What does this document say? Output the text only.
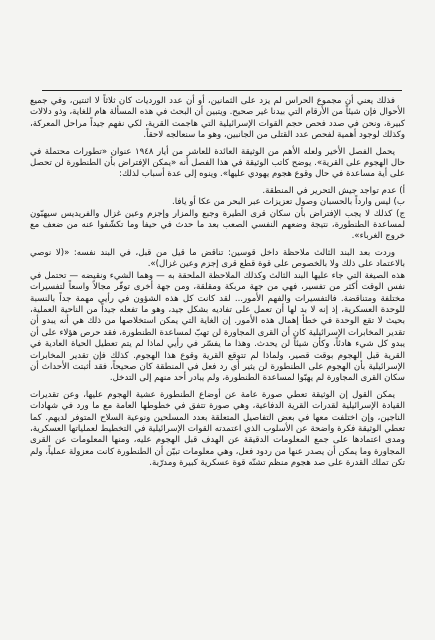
فذلك يعني أن مجموع الحراس لم يزد على الثمانين، أو أن عدد الورديات كان ثلاثاً لا اثنتين، وفي جميع الأحوال فإن شيئاً من الأرقام التي بيدنا غير صحيح. ويتبين أن البحث في هذه المسألة هام للغاية، وذو دلالات كبيرة، ونحن في صدد فحص حجم القوات الإسرائيلية التي هاجمت القرية، لكي نفهم جيداً مراحل المعركة، وكذلك لوجود أهمية لفحص عدد القتلى من الجانبين، وهو ما سنعالجه لاحقاً.

يحمل الفصل الأخير ولعله الأهم من الوثيقة العائدة للعاشر من أيار ١٩٤٨ عنوان «تطورات محتملة في حال الهجوم على القرية». يوضح كاتب الوثيقة في هذا الفصل أنه «يمكن الإفتراض بأن الطنطورة لن تحصل على أية مساعدة في حال وقوع هجوم يهودي عليها». وينوه إلى عدة أسباب لذلك:

أ) عدم تواجد جيش التحرير في المنطقة.

ب) ليس وارداً بالحسبان وصول تعزيزات عبر البحر من عكا أو يافا.

ج) كذلك لا يجب الإفتراض بأن سكان قرى الطيرة وجبع والمزار وإجزم وعين غزال والفريديس سيهبّون لمساعدة الطنطورة، نتيجة وضعهم النفسي الصعب بعد ما حدث في حيفا وما تكشّفوا عنه من ضعف مع خروج الغرباء».

وردت بعد البند الثالث ملاحظة داخل قوسين: تناقض ما قيل من قبل، في البند نفسه: «(لا نوصي بالاعتماد على ذلك ولا بالخصوص على قوة قطع قرى إجزم وعين غزال)».

هذه الصيغة التي جاء عليها البند الثالث وكذلك الملاحظة الملحقة به — وهما الشيء ونقيضه — تحتمل في نفس الوقت أكثر من تفسير، فهي من جهة مربكة ومقلقة، ومن جهة أخرى توفّر مجالاً واسعاً لتفسيرات مختلفة ومتناقضة. فالتفسيرات والفهم الأمور... لقد كانت كل هذه الشؤون في رأيي مهمة جداً بالنسبة للوحدة العسكرية، إذ إنه لا بد لها أن تعمل على تفاديه بشكل جيد، وهو ما تفعله جيداً من الناحية العملية، بحيث لا تقع الوحدة في خطأ إهمال هذه الأمور. إن الغاية التي يمكن استخلاصها من ذلك هي أنه يبدو أن تقدير المخابرات الإسرائيلية كان أن القرى المجاورة لن تهبّ لمساعدة الطنطورة، فقد حرص هؤلاء على أن يبدو كل شيء هادئاً، وكأن شيئاً لن يحدث. وهذا ما يفسّر في رأيي لماذا لم يتم تعطيل الحياة العادية في القرية قبل الهجوم بوقت قصير، ولماذا لم تتوقع القرية وقوع هذا الهجوم. كذلك فإن تقدير المخابرات الإسرائيلية بأن الهجوم على الطنطورة لن يثير أي رد فعل في المنطقة كان صحيحاً، فقد أثبتت الأحداث أن سكان القرى المجاورة لم يهبّوا لمساعدة الطنطورة، ولم يبادر أحد منهم إلى التدخل.

يمكن القول إن الوثيقة تعطي صورة عامة عن أوضاع الطنطورة عشية الهجوم عليها، وعن تقديرات القيادة الإسرائيلية لقدرات القرية الدفاعية، وهي صورة تتفق في خطوطها العامة مع ما ورد في شهادات الناجين، وإن اختلفت معها في بعض التفاصيل المتعلقة بعدد المسلحين ونوعية السلاح المتوفر لديهم. كما تعطي الوثيقة فكرة واضحة عن الأسلوب الذي اعتمدته القوات الإسرائيلية في التخطيط لعملياتها العسكرية، ومدى اعتمادها على جمع المعلومات الدقيقة عن الهدف قبل الهجوم عليه، ومنها المعلومات عن القرى المجاورة وما يمكن أن يصدر عنها من ردود فعل، وهي معلومات تبيّن أن الطنطورة كانت معزولة عملياً، ولم تكن تملك القدرة على صد هجوم منظم تشنّه قوة عسكرية كبيرة ومدرّبة.
